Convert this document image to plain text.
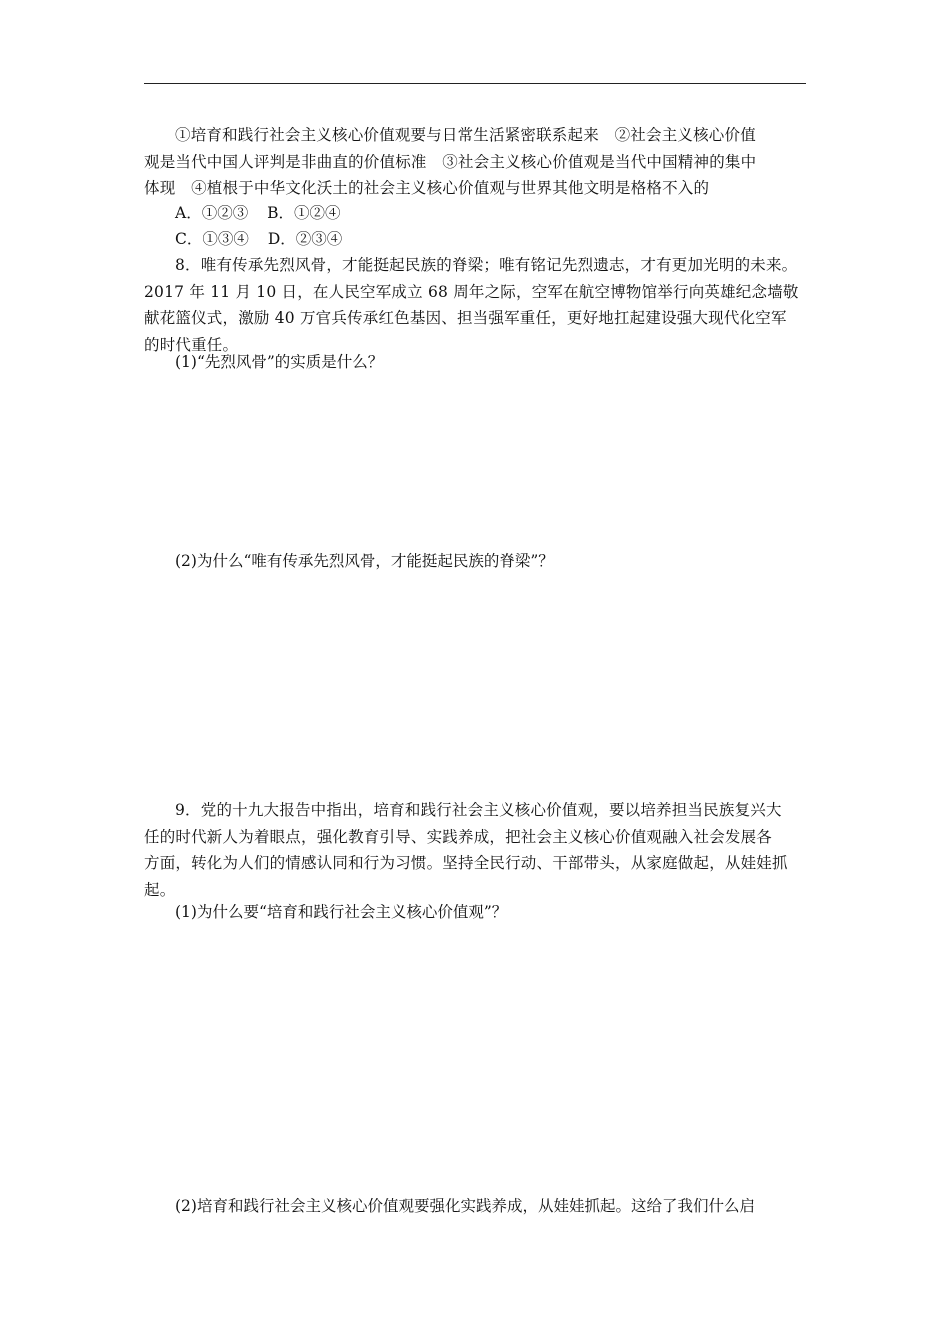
①培育和践行社会主义核心价值观要与日常生活紧密联系起来　②社会主义核心价值
观是当代中国人评判是非曲直的价值标准　③社会主义核心价值观是当代中国精神的集中
体现　④植根于中华文化沃土的社会主义核心价值观与世界其他文明是格格不入的
A．①②③ B．①②④
C．①③④ D．②③④
8．唯有传承先烈风骨，才能挺起民族的脊梁；唯有铭记先烈遗志，才有更加光明的未来。
2017 年 11 月 10 日，在人民空军成立 68 周年之际，空军在航空博物馆举行向英雄纪念墙敬
献花篮仪式，激励 40 万官兵传承红色基因、担当强军重任，更好地扛起建设强大现代化空军
的时代重任。
(1)“先烈风骨”的实质是什么？
(2)为什么“唯有传承先烈风骨，才能挺起民族的脊梁”？
9．党的十九大报告中指出，培育和践行社会主义核心价值观，要以培养担当民族复兴大
任的时代新人为着眼点，强化教育引导、实践养成，把社会主义核心价值观融入社会发展各
方面，转化为人们的情感认同和行为习惯。坚持全民行动、干部带头，从家庭做起，从娃娃抓
起。
(1)为什么要“培育和践行社会主义核心价值观”？
(2)培育和践行社会主义核心价值观要强化实践养成，从娃娃抓起。这给了我们什么启
